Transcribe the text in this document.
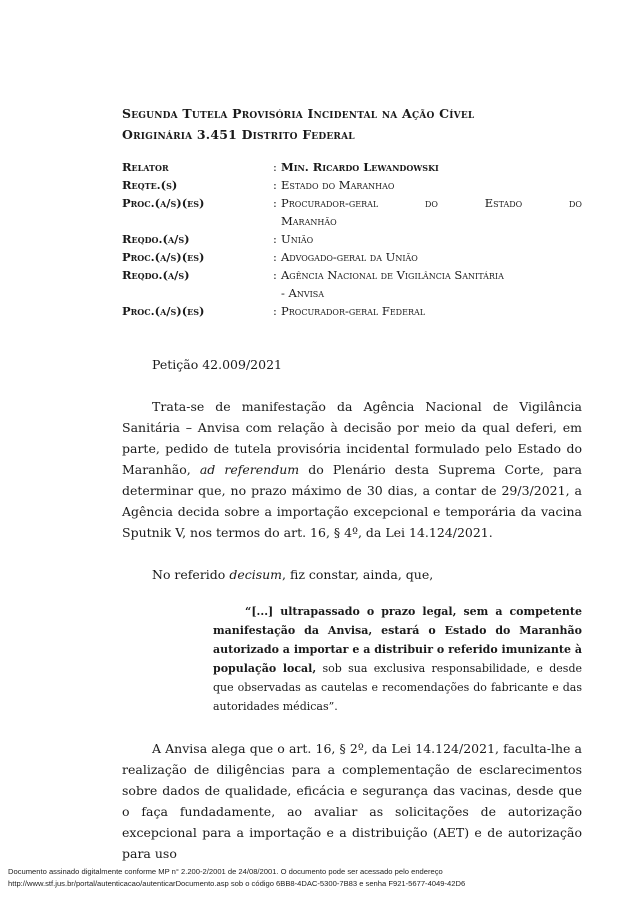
Segunda Tutela Provisória Incidental na Ação Cível
Originária 3.451 Distrito Federal
Relator	: Min. Ricardo Lewandowski
Reqte.(s)	: Estado do Maranhao
Proc.(a/s)(es)	: Procurador-geral do Estado do
Maranhão
Reqdo.(a/s)	: União
Proc.(a/s)(es)	: Advogado-geral da União
Reqdo.(a/s)	: Agência Nacional de Vigilância Sanitária
- Anvisa
Proc.(a/s)(es)	: Procurador-geral Federal
Petição 42.009/2021

Trata-se de manifestação da Agência Nacional de Vigilância Sanitária – Anvisa com relação à decisão por meio da qual deferi, em parte, pedido de tutela provisória incidental formulado pelo Estado do Maranhão, ad referendum do Plenário desta Suprema Corte, para determinar que, no prazo máximo de 30 dias, a contar de 29/3/2021, a Agência decida sobre a importação excepcional e temporária da vacina Sputnik V, nos termos do art. 16, § 4º, da Lei 14.124/2021.

No referido decisum, fiz constar, ainda, que,

“[...] ultrapassado o prazo legal, sem a competente manifestação da Anvisa, estará o Estado do Maranhão autorizado a importar e a distribuir o referido imunizante à população local, sob sua exclusiva responsabilidade, e desde que observadas as cautelas e recomendações do fabricante e das autoridades médicas”.

A Anvisa alega que o art. 16, § 2º, da Lei 14.124/2021, faculta-lhe a realização de diligências para a complementação de esclarecimentos sobre dados de qualidade, eficácia e segurança das vacinas, desde que o faça fundadamente, ao avaliar as solicitações de autorização excepcional para a importação e a distribuição (AET) e de autorização para uso

Documento assinado digitalmente conforme MP n° 2.200-2/2001 de 24/08/2001. O documento pode ser acessado pelo endereço
http://www.stf.jus.br/portal/autenticacao/autenticarDocumento.asp sob o código 6BB8-4DAC-5300-7B83 e senha F921-5677-4049-42D6
